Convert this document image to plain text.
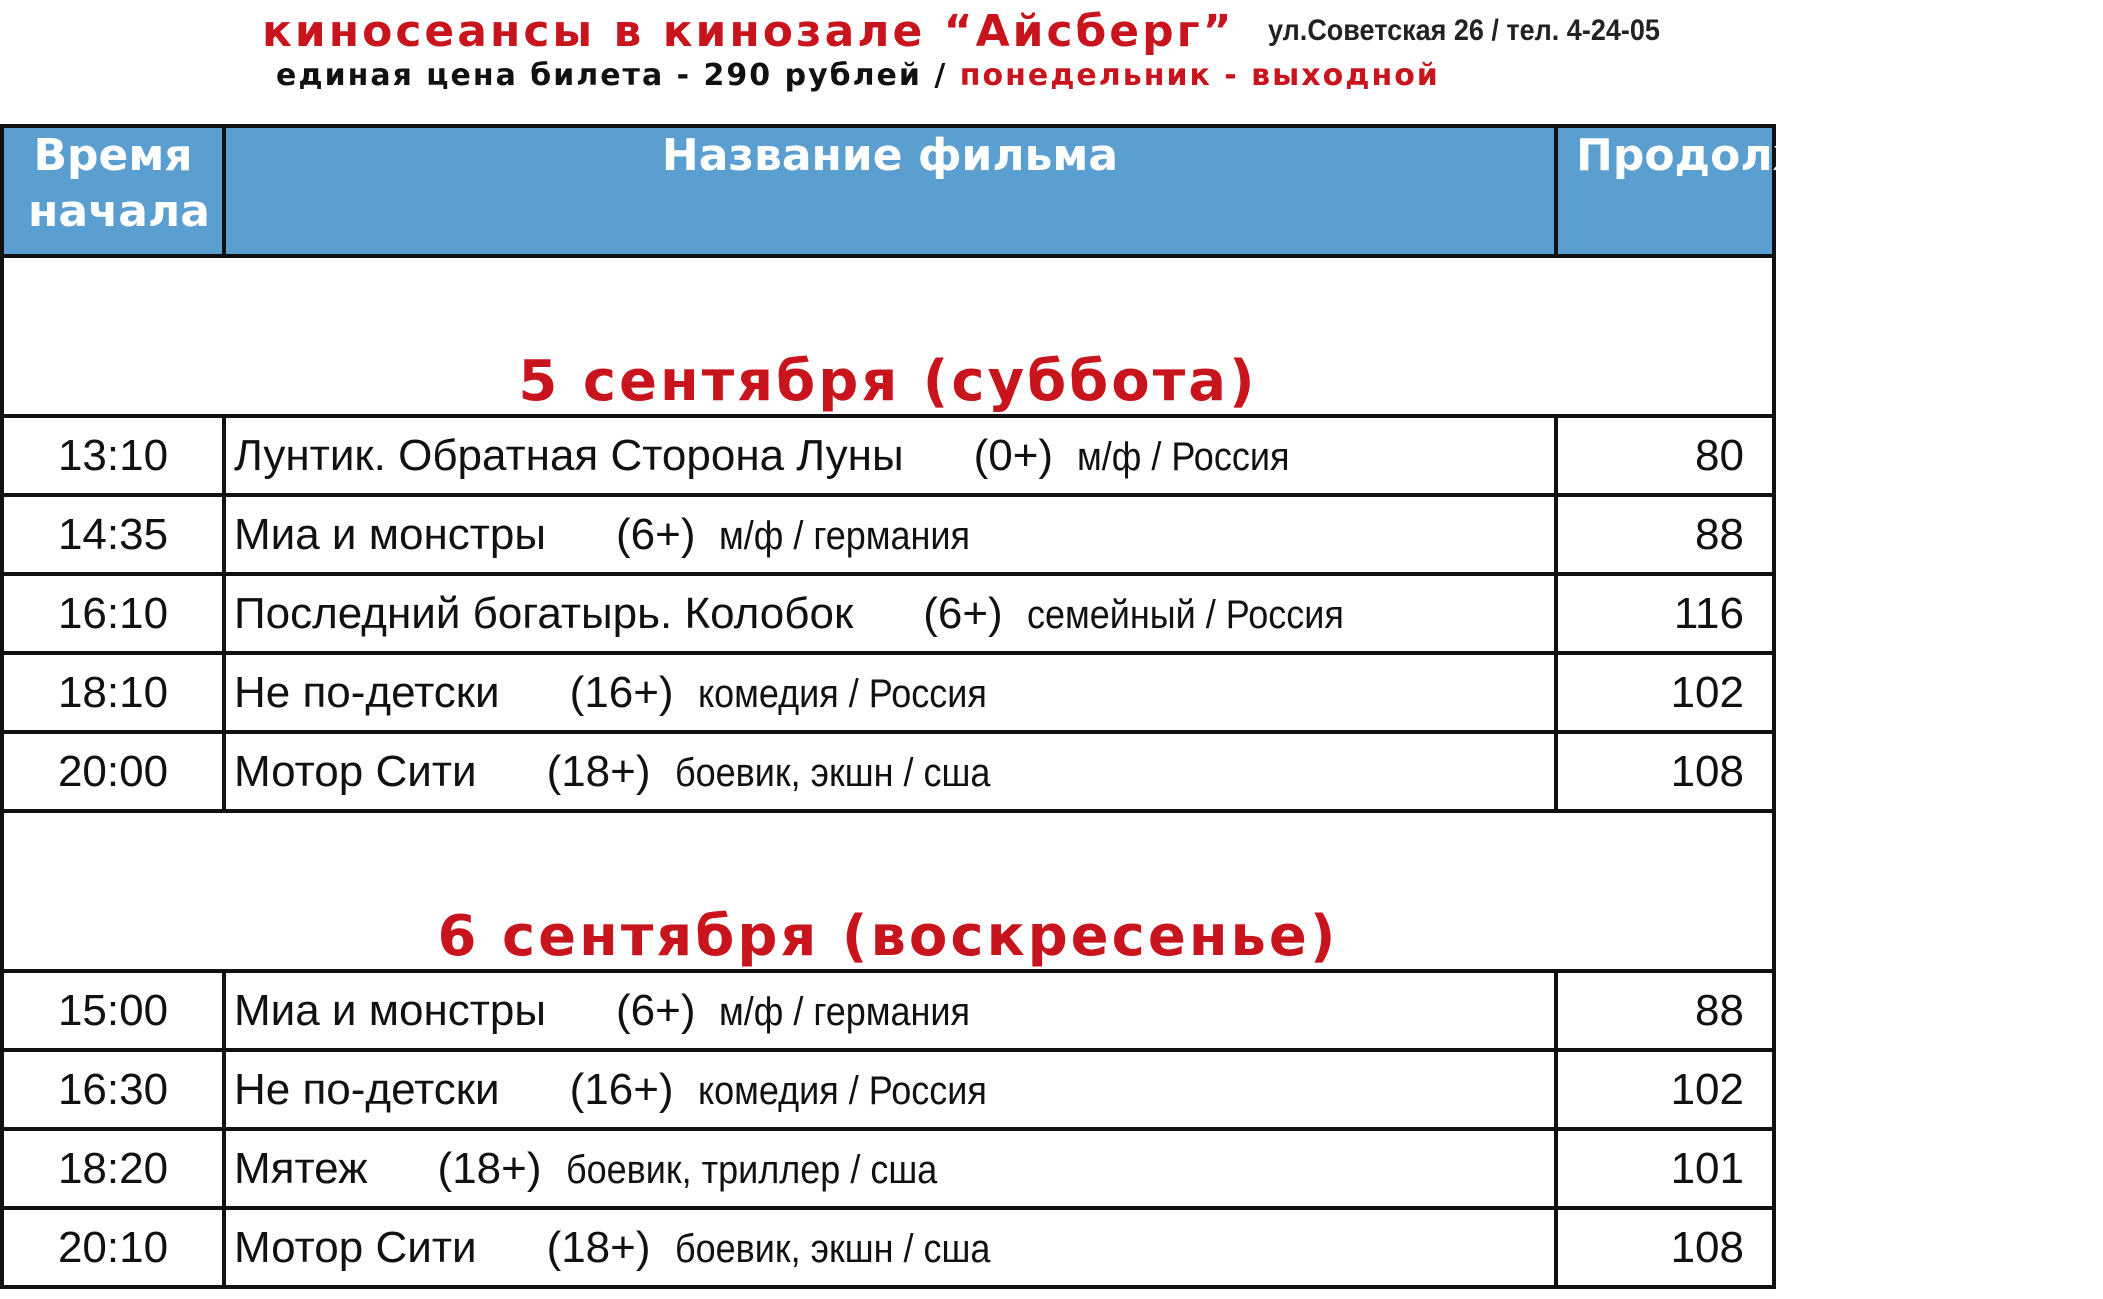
киносеансы в кинозале “Айсберг” ул.Советская 26 / тел. 4-24-05
единая цена билета - 290 рублей / понедельник - выходной
Время начала	Название фильма	Продолжительность

5 сентября (суббота)		
13:10	Лунтик. Обратная Сторона Луны (0+) м/ф / Россия	80
14:35	Миа и монстры (6+) м/ф / германия	88
16:10	Последний богатырь. Колобок (6+) семейный / Россия	116
18:10	Не по-детски (16+) комедия / Россия	102
20:00	Мотор Сити (18+) боевик, экшн / сша	108
6 сентября (воскресенье)		
15:00	Миа и монстры (6+) м/ф / германия	88
16:30	Не по-детски (16+) комедия / Россия	102
18:20	Мятеж (18+) боевик, триллер / сша	101
20:10	Мотор Сити (18+) боевик, экшн / сша	108
